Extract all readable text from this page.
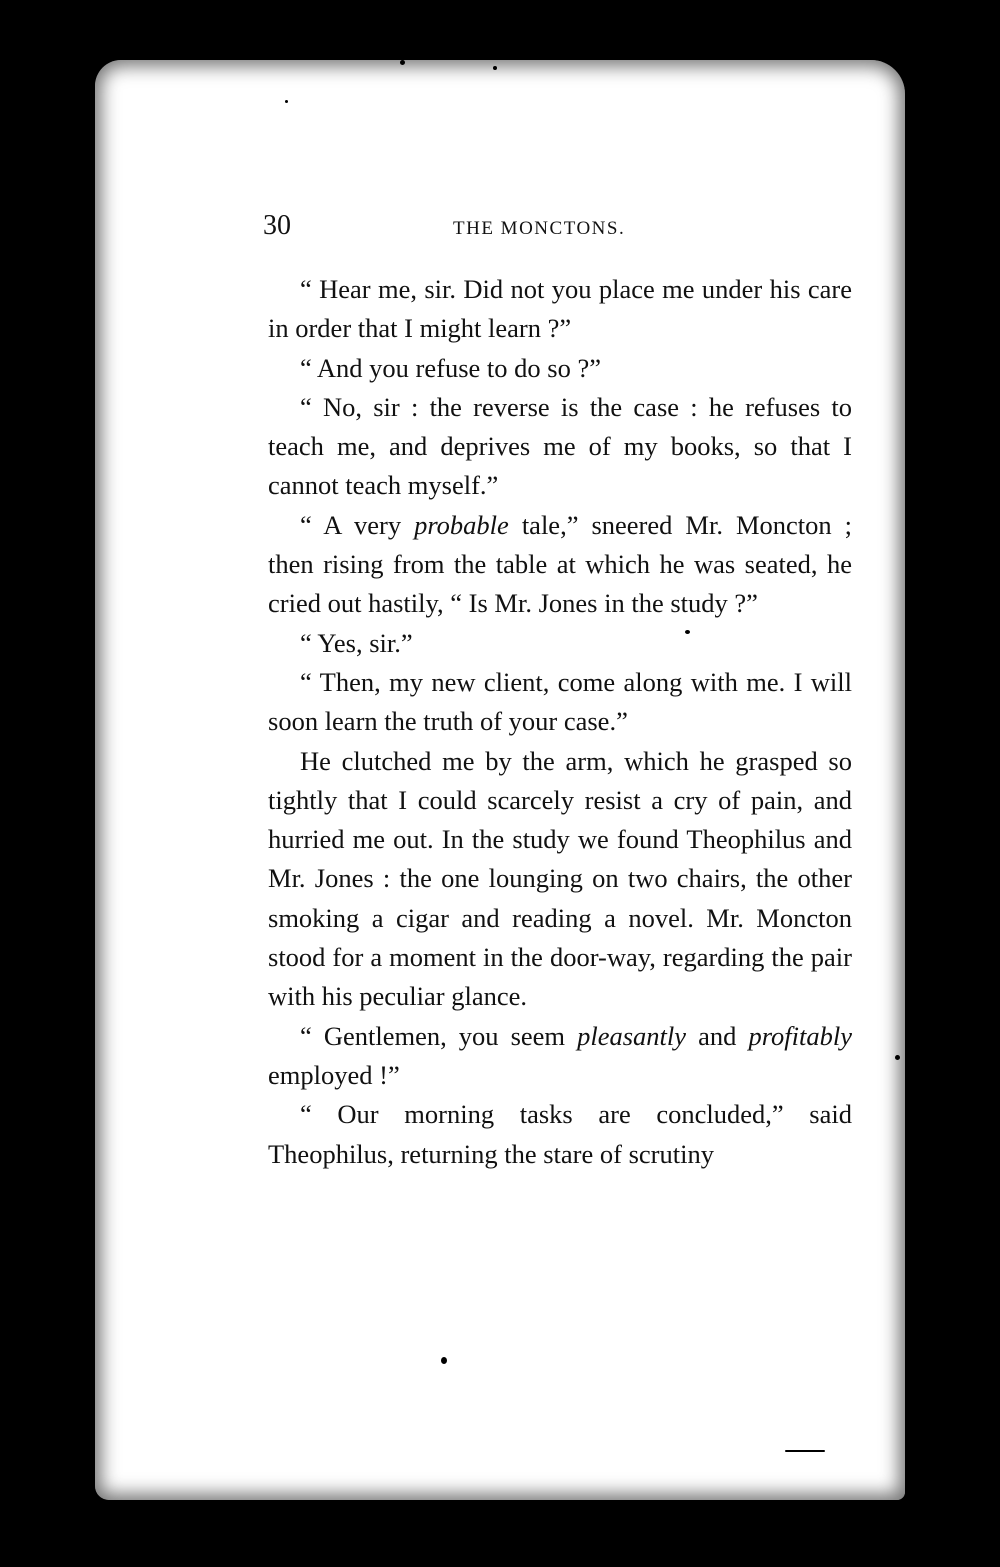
30	THE MONCTONS.

“ Hear me, sir. Did not you place me under his care in order that I might learn ?”

“ And you refuse to do so ?”

“ No, sir : the reverse is the case : he refuses to teach me, and deprives me of my books, so that I cannot teach myself.”

“ A very probable tale,” sneered Mr. Moncton ; then rising from the table at which he was seated, he cried out hastily, “ Is Mr. Jones in the study ?”

“ Yes, sir.”

“ Then, my new client, come along with me. I will soon learn the truth of your case.”

He clutched me by the arm, which he grasped so tightly that I could scarcely resist a cry of pain, and hurried me out. In the study we found Theophilus and Mr. Jones : the one lounging on two chairs, the other smoking a cigar and reading a novel. Mr. Moncton stood for a moment in the door-way, regarding the pair with his peculiar glance.

“ Gentlemen, you seem pleasantly and profitably employed !”

“ Our morning tasks are concluded,” said Theophilus, returning the stare of scrutiny
